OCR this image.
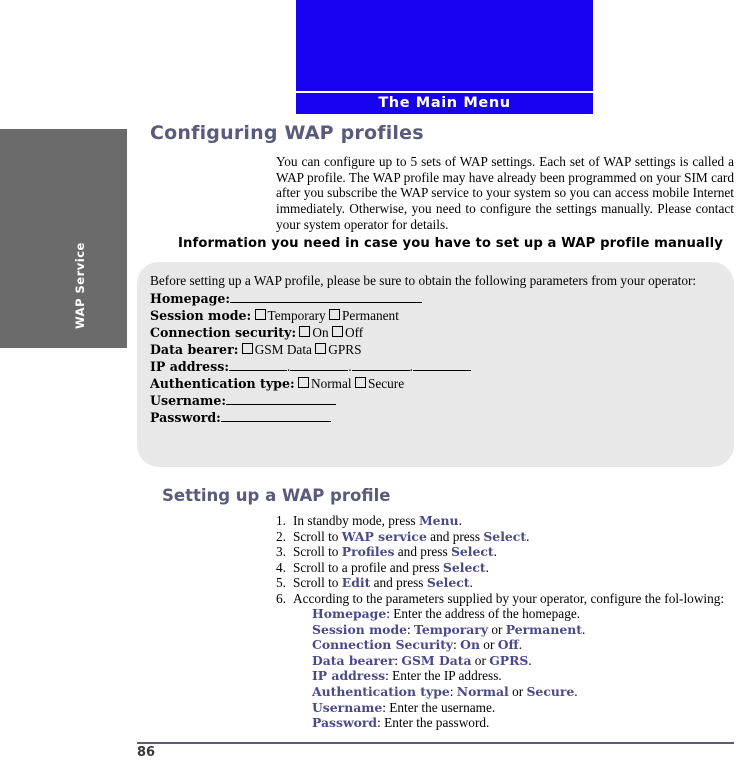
The Main Menu
WAP Service
Configuring WAP profiles
You can configure up to 5 sets of WAP settings. Each set of WAP settings is called a WAP profile. The WAP profile may have already been programmed on your SIM card after you subscribe the WAP service to your system so you can access mobile Internet immediately. Otherwise, you need to configure the settings manually. Please contact your system operator for details.
Information you need in case you have to set up a WAP profile manually
Before setting up a WAP profile, please be sure to obtain the following parameters from your operator:
Homepage:
Session mode: Temporary Permanent
Connection security: On Off
Data bearer: GSM Data GPRS
IP address:	.	.	.
Authentication type: Normal Secure
Username:
Password:
Setting up a WAP profile
1. In standby mode, press Menu.
2. Scroll to WAP service and press Select.
3. Scroll to Profiles and press Select.
4. Scroll to a profile and press Select.
5. Scroll to Edit and press Select.
6. According to the parameters supplied by your operator, configure the fol-lowing:
Homepage: Enter the address of the homepage.
Session mode: Temporary or Permanent.
Connection Security: On or Off.
Data bearer: GSM Data or GPRS.
IP address: Enter the IP address.
Authentication type: Normal or Secure.
Username: Enter the username.
Password: Enter the password.
86
